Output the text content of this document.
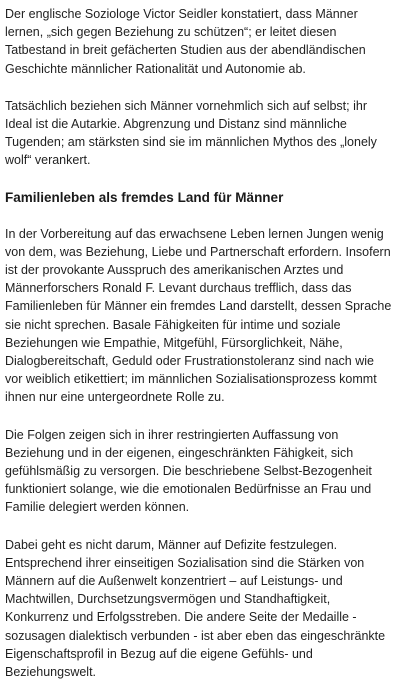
Der englische Soziologe Victor Seidler konstatiert, dass Männer lernen, „sich gegen Beziehung zu schützen“; er leitet diesen Tatbestand in breit gefächerten Studien aus der abendländischen Geschichte männlicher Rationalität und Autonomie ab.

Tatsächlich beziehen sich Männer vornehmlich sich auf selbst; ihr Ideal ist die Autarkie. Abgrenzung und Distanz sind männliche Tugenden; am stärksten sind sie im männlichen Mythos des „lonely wolf“ verankert.

Familienleben als fremdes Land für Männer

In der Vorbereitung auf das erwachsene Leben lernen Jungen wenig von dem, was Beziehung, Liebe und Partnerschaft erfordern. Insofern ist der provokante Ausspruch des amerikanischen Arztes und Männerforschers Ronald F. Levant durchaus trefflich, dass das Familienleben für Männer ein fremdes Land darstellt, dessen Sprache sie nicht sprechen. Basale Fähigkeiten für intime und soziale Beziehungen wie Empathie, Mitgefühl, Fürsorglichkeit, Nähe, Dialogbereitschaft, Geduld oder Frustrationstoleranz sind nach wie vor weiblich etikettiert; im männlichen Sozialisationsprozess kommt ihnen nur eine untergeordnete Rolle zu.

Die Folgen zeigen sich in ihrer restringierten Auffassung von Beziehung und in der eigenen, eingeschränkten Fähigkeit, sich gefühlsmäßig zu versorgen. Die beschriebene Selbst-Bezogenheit funktioniert solange, wie die emotionalen Bedürfnisse an Frau und Familie delegiert werden können.

Dabei geht es nicht darum, Männer auf Defizite festzulegen. Entsprechend ihrer einseitigen Sozialisation sind die Stärken von Männern auf die Außenwelt konzentriert – auf Leistungs- und Machtwillen, Durchsetzungsvermögen und Standhaftigkeit, Konkurrenz und Erfolgsstreben. Die andere Seite der Medaille - sozusagen dialektisch verbunden - ist aber eben das eingeschränkte Eigenschaftsprofil in Bezug auf die eigene Gefühls- und Beziehungswelt.
